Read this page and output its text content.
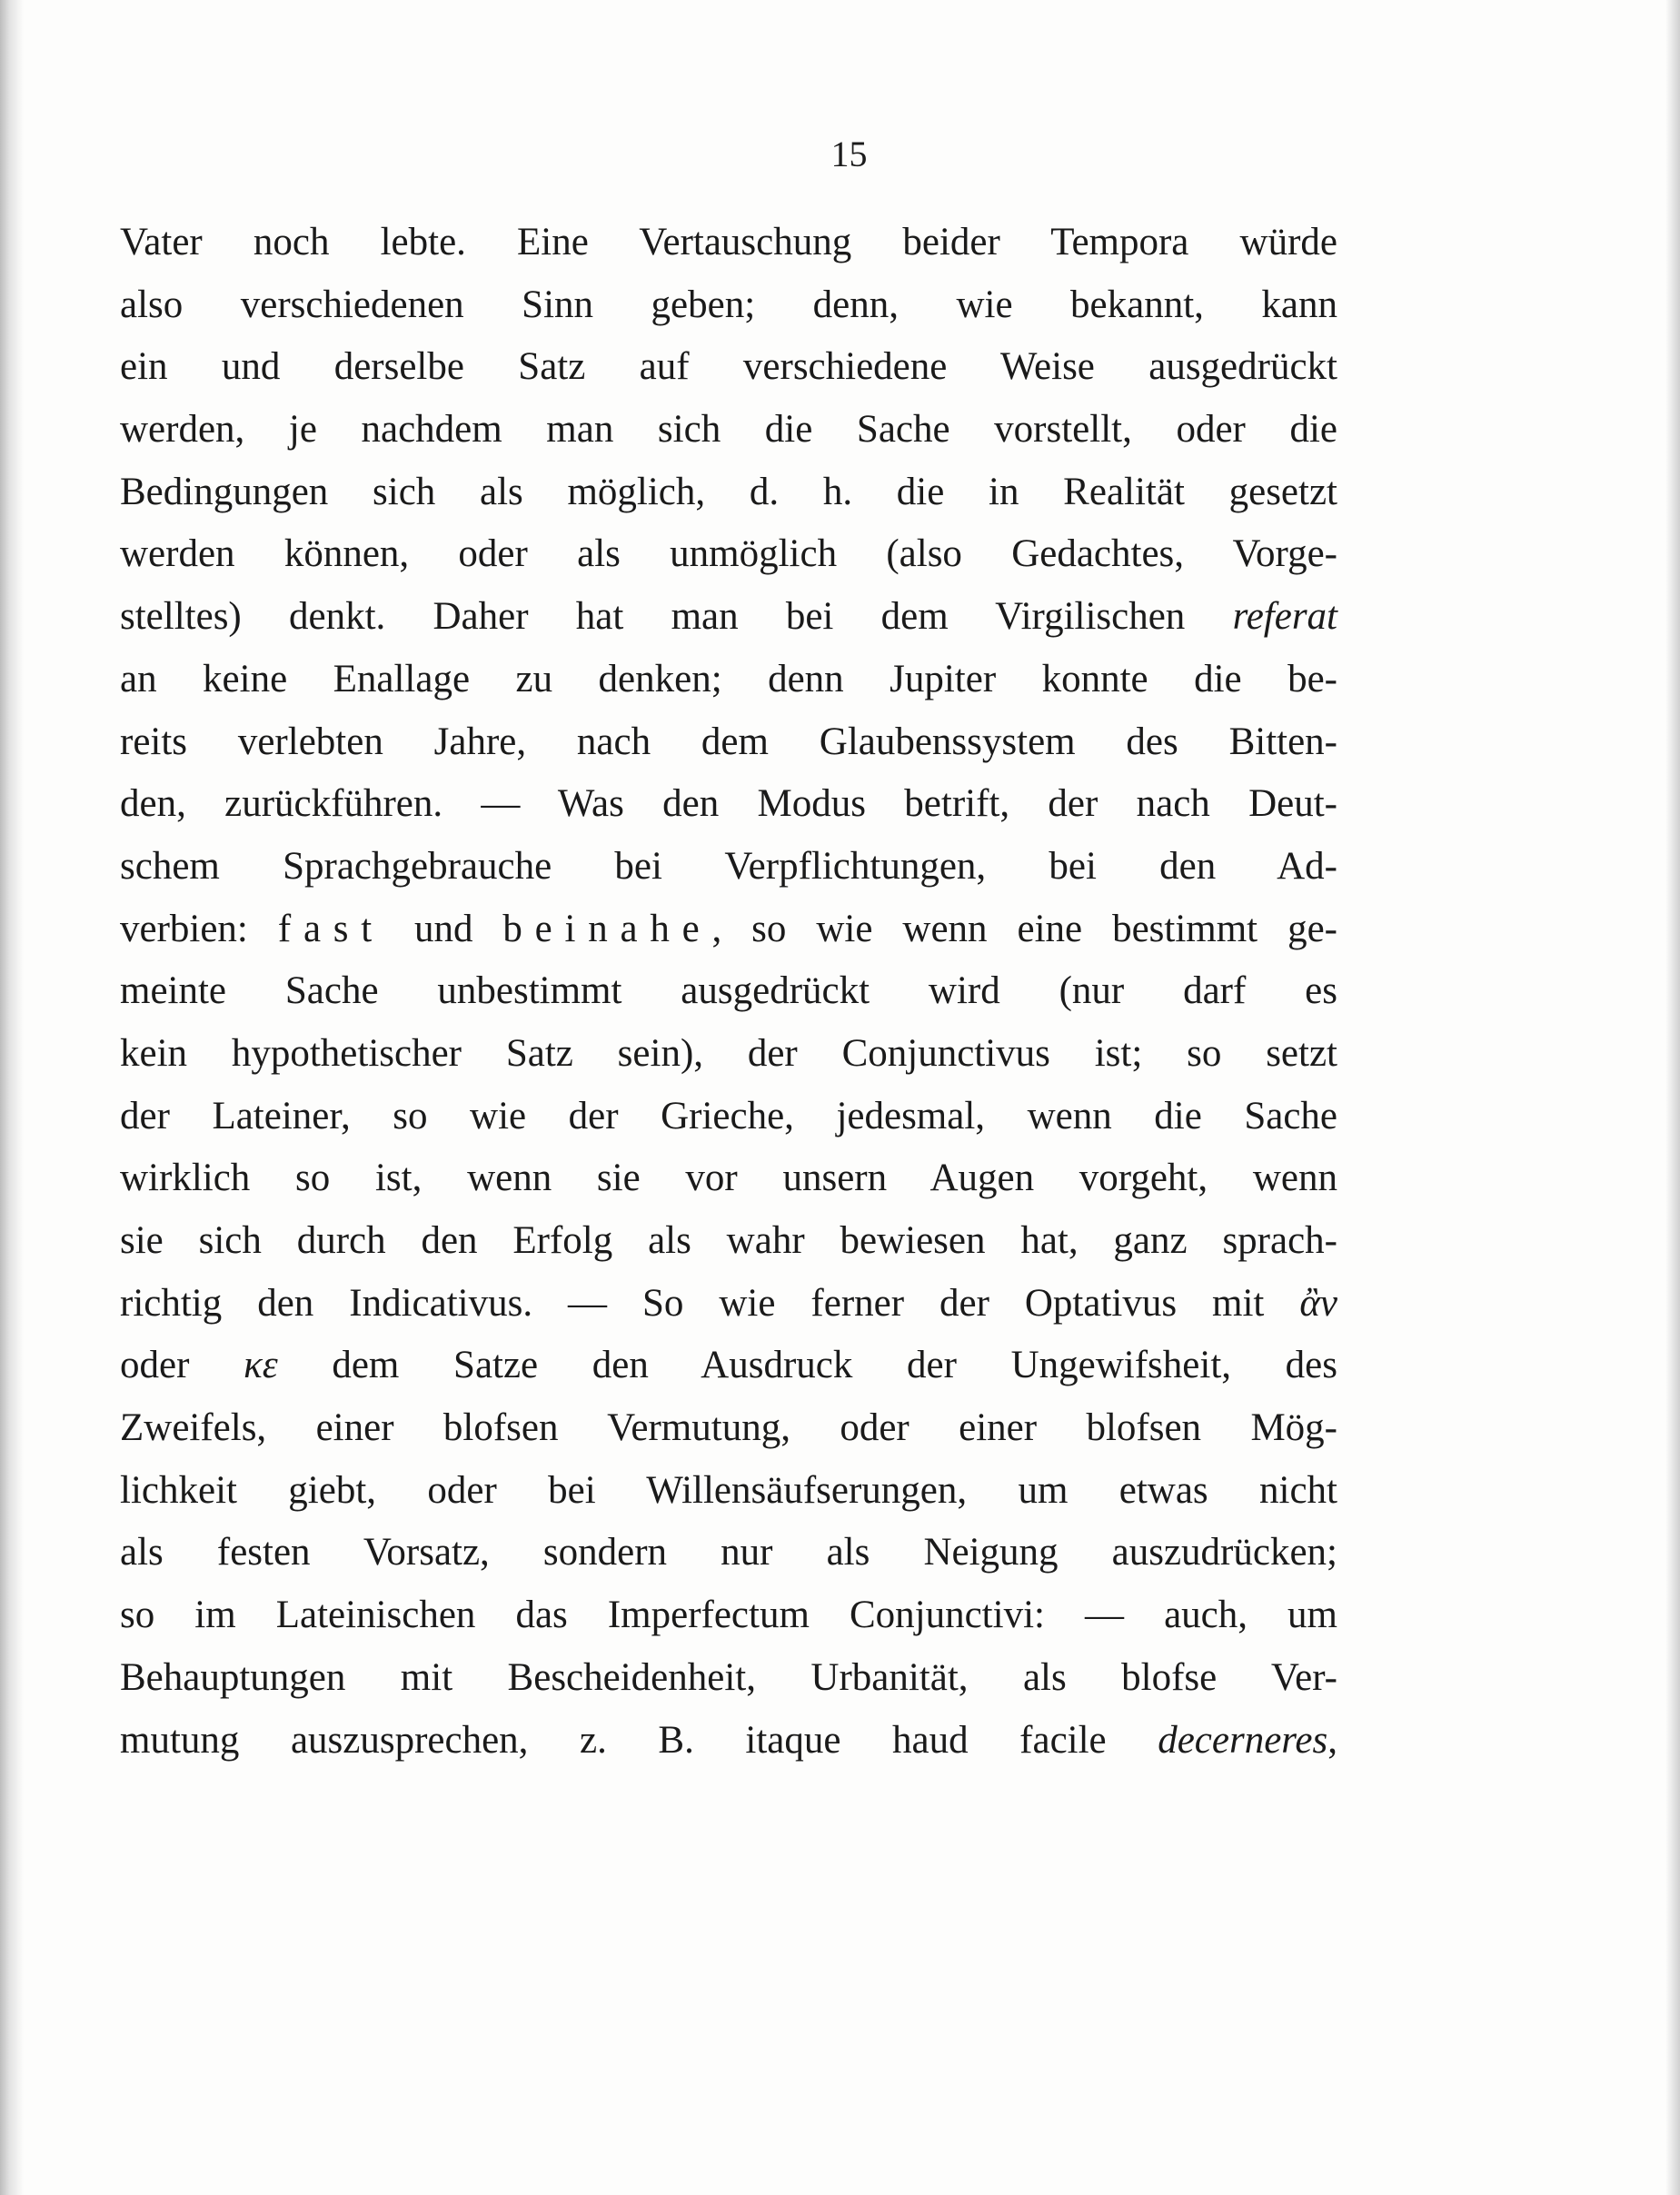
15
Vater noch lebte. Eine Vertauschung beider Tempora würde
also verschiedenen Sinn geben; denn, wie bekannt, kann
ein und derselbe Satz auf verschiedene Weise ausgedrückt
werden, je nachdem man sich die Sache vorstellt, oder die
Bedingungen sich als möglich, d. h. die in Realität gesetzt
werden können, oder als unmöglich (also Gedachtes, Vorge-
stelltes) denkt. Daher hat man bei dem Virgilischen referat
an keine Enallage zu denken; denn Jupiter konnte die be-
reits verlebten Jahre, nach dem Glaubenssystem des Bitten-
den, zurückführen. — Was den Modus betrift, der nach Deut-
schem Sprachgebrauche bei Verpflichtungen, bei den Ad-
verbien: fast und beinahe, so wie wenn eine bestimmt ge-
meinte Sache unbestimmt ausgedrückt wird (nur darf es
kein hypothetischer Satz sein), der Conjunctivus ist; so setzt
der Lateiner, so wie der Grieche, jedesmal, wenn die Sache
wirklich so ist, wenn sie vor unsern Augen vorgeht, wenn
sie sich durch den Erfolg als wahr bewiesen hat, ganz sprach-
richtig den Indicativus. — So wie ferner der Optativus mit ἂν
oder κε dem Satze den Ausdruck der Ungewifsheit, des
Zweifels, einer blofsen Vermutung, oder einer blofsen Mög-
lichkeit giebt, oder bei Willensäufserungen, um etwas nicht
als festen Vorsatz, sondern nur als Neigung auszudrücken;
so im Lateinischen das Imperfectum Conjunctivi: — auch, um
Behauptungen mit Bescheidenheit, Urbanität, als blofse Ver-
mutung auszusprechen, z. B. itaque haud facile decerneres,
